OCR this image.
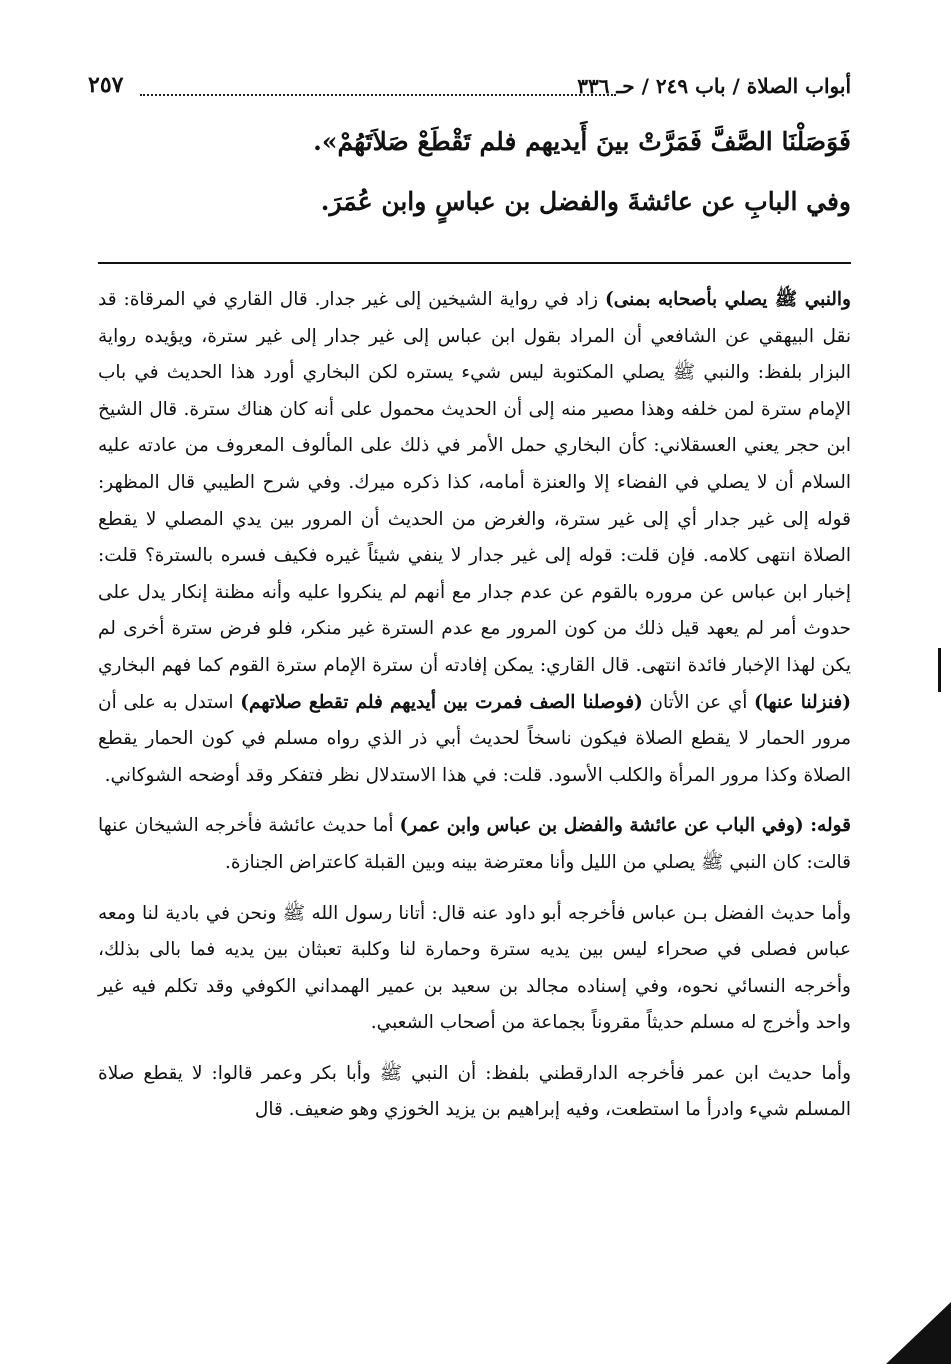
أبواب الصلاة / باب ٢٤٩ / حـ ٣٣٦
٢٥٧

فَوَصَلْنَا الصَّفَّ فَمَرَّتْ بينَ أَيديهم فلم تَقْطَعْ صَلاَتَهُمْ».

وفي البابِ عن عائشةَ والفضل بن عباسٍ وابن عُمَرَ.

والنبي ﷺ يصلي بأصحابه بمنى) زاد في رواية الشيخين إلى غير جدار. قال القاري في المرقاة: قد نقل البيهقي عن الشافعي أن المراد بقول ابن عباس إلى غير جدار إلى غير سترة، ويؤيده رواية البزار بلفظ: والنبي ﷺ يصلي المكتوبة ليس شيء يستره لكن البخاري أورد هذا الحديث في باب الإمام سترة لمن خلفه وهذا مصير منه إلى أن الحديث محمول على أنه كان هناك سترة. قال الشيخ ابن حجر يعني العسقلاني: كأن البخاري حمل الأمر في ذلك على المألوف المعروف من عادته عليه السلام أن لا يصلي في الفضاء إلا والعنزة أمامه، كذا ذكره ميرك. وفي شرح الطيبي قال المظهر: قوله إلى غير جدار أي إلى غير سترة، والغرض من الحديث أن المرور بين يدي المصلي لا يقطع الصلاة انتهى كلامه. فإن قلت: قوله إلى غير جدار لا ينفي شيئاً غيره فكيف فسره بالسترة؟ قلت: إخبار ابن عباس عن مروره بالقوم عن عدم جدار مع أنهم لم ينكروا عليه وأنه مظنة إنكار يدل على حدوث أمر لم يعهد قيل ذلك من كون المرور مع عدم السترة غير منكر، فلو فرض سترة أخرى لم يكن لهذا الإخبار فائدة انتهى. قال القاري: يمكن إفادته أن سترة الإمام سترة القوم كما فهم البخاري (فنزلنا عنها) أي عن الأتان (فوصلنا الصف فمرت بين أيديهم فلم تقطع صلاتهم) استدل به على أن مرور الحمار لا يقطع الصلاة فيكون ناسخاً لحديث أبي ذر الذي رواه مسلم في كون الحمار يقطع الصلاة وكذا مرور المرأة والكلب الأسود. قلت: في هذا الاستدلال نظر فتفكر وقد أوضحه الشوكاني.

قوله: (وفي الباب عن عائشة والفضل بن عباس وابن عمر) أما حديث عائشة فأخرجه الشيخان عنها قالت: كان النبي ﷺ يصلي من الليل وأنا معترضة بينه وبين القبلة كاعتراض الجنازة.

وأما حديث الفضل بـن عباس فأخرجه أبو داود عنه قال: أتانا رسول الله ﷺ ونحن في بادية لنا ومعه عباس فصلى في صحراء ليس بين يديه سترة وحمارة لنا وكلبة تعبثان بين يديه فما بالى بذلك، وأخرجه النسائي نحوه، وفي إسناده مجالد بن سعيد بن عمير الهمداني الكوفي وقد تكلم فيه غير واحد وأخرج له مسلم حديثاً مقروناً بجماعة من أصحاب الشعبي.

وأما حديث ابن عمر فأخرجه الدارقطني بلفظ: أن النبي ﷺ وأبا بكر وعمر قالوا: لا يقطع صلاة المسلم شيء وادرأ ما استطعت، وفيه إبراهيم بن يزيد الخوزي وهو ضعيف. قال
